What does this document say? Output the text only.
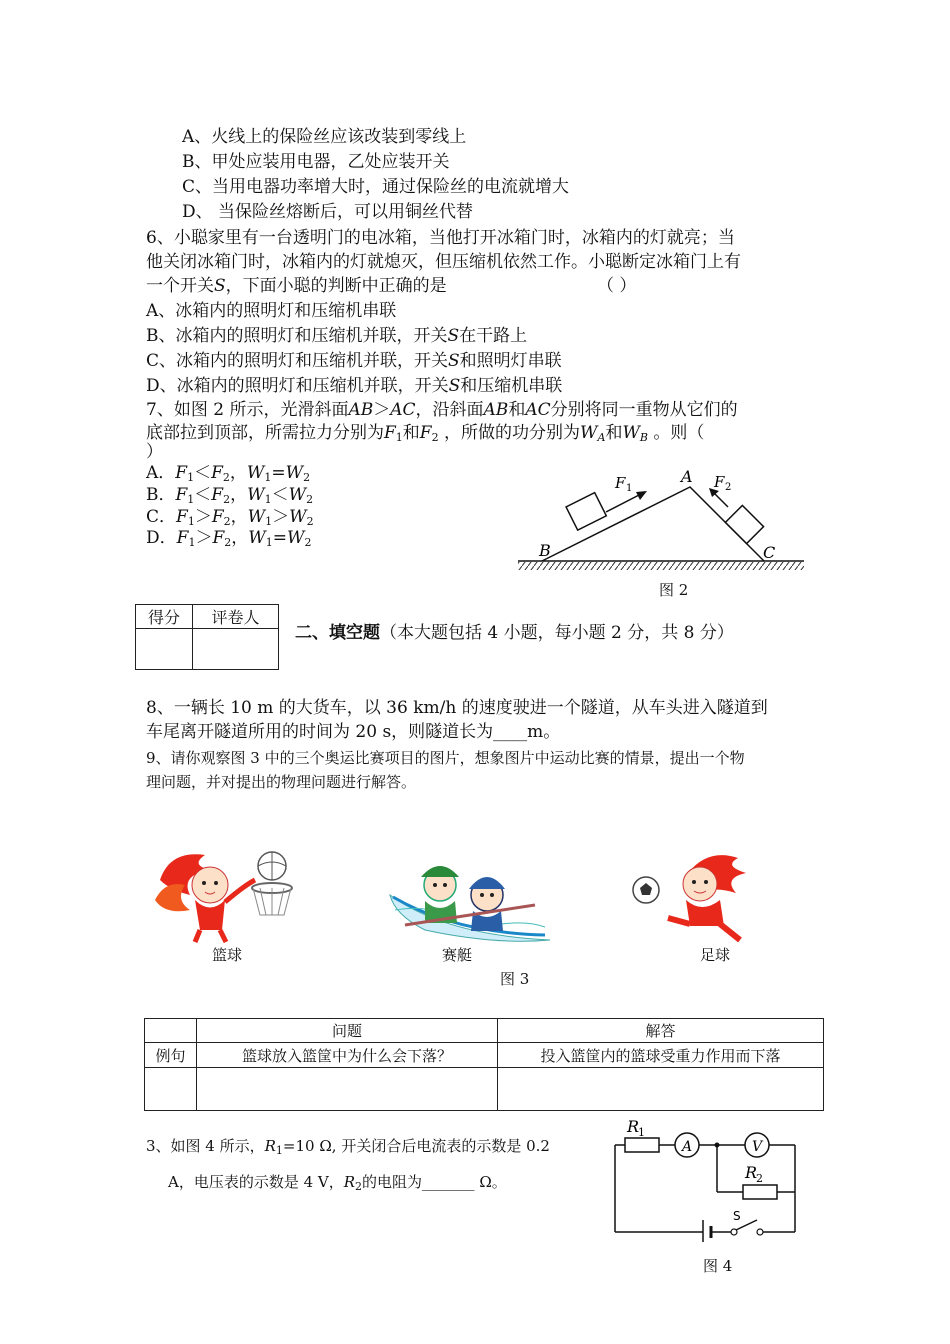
A、火线上的保险丝应该改装到零线上
B、甲处应装用电器，乙处应装开关
C、当用电器功率增大时，通过保险丝的电流就增大
D、 当保险丝熔断后，可以用铜丝代替
6、小聪家里有一台透明门的电冰箱，当他打开冰箱门时，冰箱内的灯就亮；当
他关闭冰箱门时，冰箱内的灯就熄灭，但压缩机依然工作。小聪断定冰箱门上有
一个开关S，下面小聪的判断中正确的是	（ ）
A、冰箱内的照明灯和压缩机串联
B、冰箱内的照明灯和压缩机并联，开关S在干路上
C、冰箱内的照明灯和压缩机并联，开关S和照明灯串联
D、冰箱内的照明灯和压缩机并联，开关S和压缩机串联
7、如图 2 所示，光滑斜面AB＞AC，沿斜面AB和AC分别将同一重物从它们的
底部拉到顶部，所需拉力分别为$F_1$和$F_2$ ，所做的功分别为$W_A$和$W_B$ 。则（
）
A．$F_1<F_2$，$W_1=W_2$
B．$F_1<F_2$，$W_1<W_2$
C．$F_1>F_2$，$W_1>W_2$
D．$F_1>F_2$，$W_1=W_2$
F 1	F 2
A
B	C
图 2
得分	评卷人

二、填空题（本大题包括 4 小题，每小题 2 分，共 8 分）
8、一辆长 10 m 的大货车，以 36 km/h 的速度驶进一个隧道，从车头进入隧道到
车尾离开隧道所用的时间为 20 s，则隧道长为____m。
9、请你观察图 3 中的三个奥运比赛项目的图片，想象图片中运动比赛的情景，提出一个物
理问题，并对提出的物理问题进行解答。
篮球	赛艇	足球
图 3
	问题	解答
例句	篮球放入篮筐中为什么会下落？	投入篮筐内的篮球受重力作用而下落

3、如图 4 所示，$R_1=10$ Ω, 开关闭合后电流表的示数是 0.2
A，电压表的示数是 4 V，$R_2$的电阻为_______ Ω。
A	V
S
R
1
R
2
图 4
